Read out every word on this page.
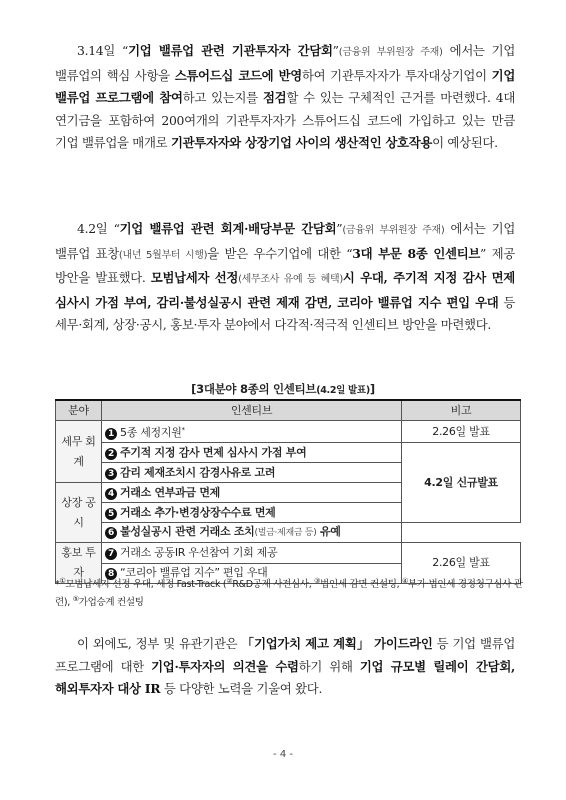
3.14일 “기업 밸류업 관련 기관투자자 간담회”(금융위 부위원장 주재) 에서는 기업 밸류업의 핵심 사항을 스튜어드십 코드에 반영하여 기관투자자가 투자대상기업이 기업 밸류업 프로그램에 참여하고 있는지를 점검할 수 있는 구체적인 근거를 마련했다. 4대 연기금을 포함하여 200여개의 기관투자자가 스튜어드십 코드에 가입하고 있는 만큼 기업 밸류업을 매개로 기관투자자와 상장기업 사이의 생산적인 상호작용이 예상된다.
4.2일 “기업 밸류업 관련 회계·배당부문 간담회”(금융위 부위원장 주재) 에서는 기업 밸류업 표창(내년 5월부터 시행)을 받은 우수기업에 대한 “3대 부문 8종 인센티브” 제공 방안을 발표했다. 모범납세자 선정(세무조사 유예 등 혜택)시 우대, 주기적 지정 감사 면제 심사시 가점 부여, 감리·불성실공시 관련 제재 감면, 코리아 밸류업 지수 편입 우대 등 세무·회계, 상장·공시, 홍보·투자 분야에서 다각적·적극적 인센티브 방안을 마련했다.
[3대분야 8종의 인센티브(4.2일 발표)]
분야	인센티브	비고
세무 회계	1 5종 세정지원*	2.26일 발표
	2 주기적 지정 감사 면제 심사시 가점 부여	4.2일 신규발표
	3 감리 제재조치시 감경사유로 고려	
상장 공시	4 거래소 연부과금 면제	
	5 거래소 추가·변경상장수수료 면제	
	6 불성실공시 관련 거래소 조치(벌금·제재금 등) 유예	
홍보 투자	7 거래소 공동IR 우선참여 기회 제공	2.26일 발표
	8 “코리아 밸류업 지수” 편입 우대	
*①모범납세자 선정 우대, 세정 Fast-Track (②R&D공제 사전심사, ③법인세 감면 컨설팅, ④부가·법인세 경정청구심사 관련), ⑤가업승계 컨설팅
이 외에도, 정부 및 유관기관은 「기업가치 제고 계획」 가이드라인 등 기업 밸류업 프로그램에 대한 기업·투자자의 의견을 수렴하기 위해 기업 규모별 릴레이 간담회, 해외투자자 대상 IR 등 다양한 노력을 기울여 왔다.
- 4 -
